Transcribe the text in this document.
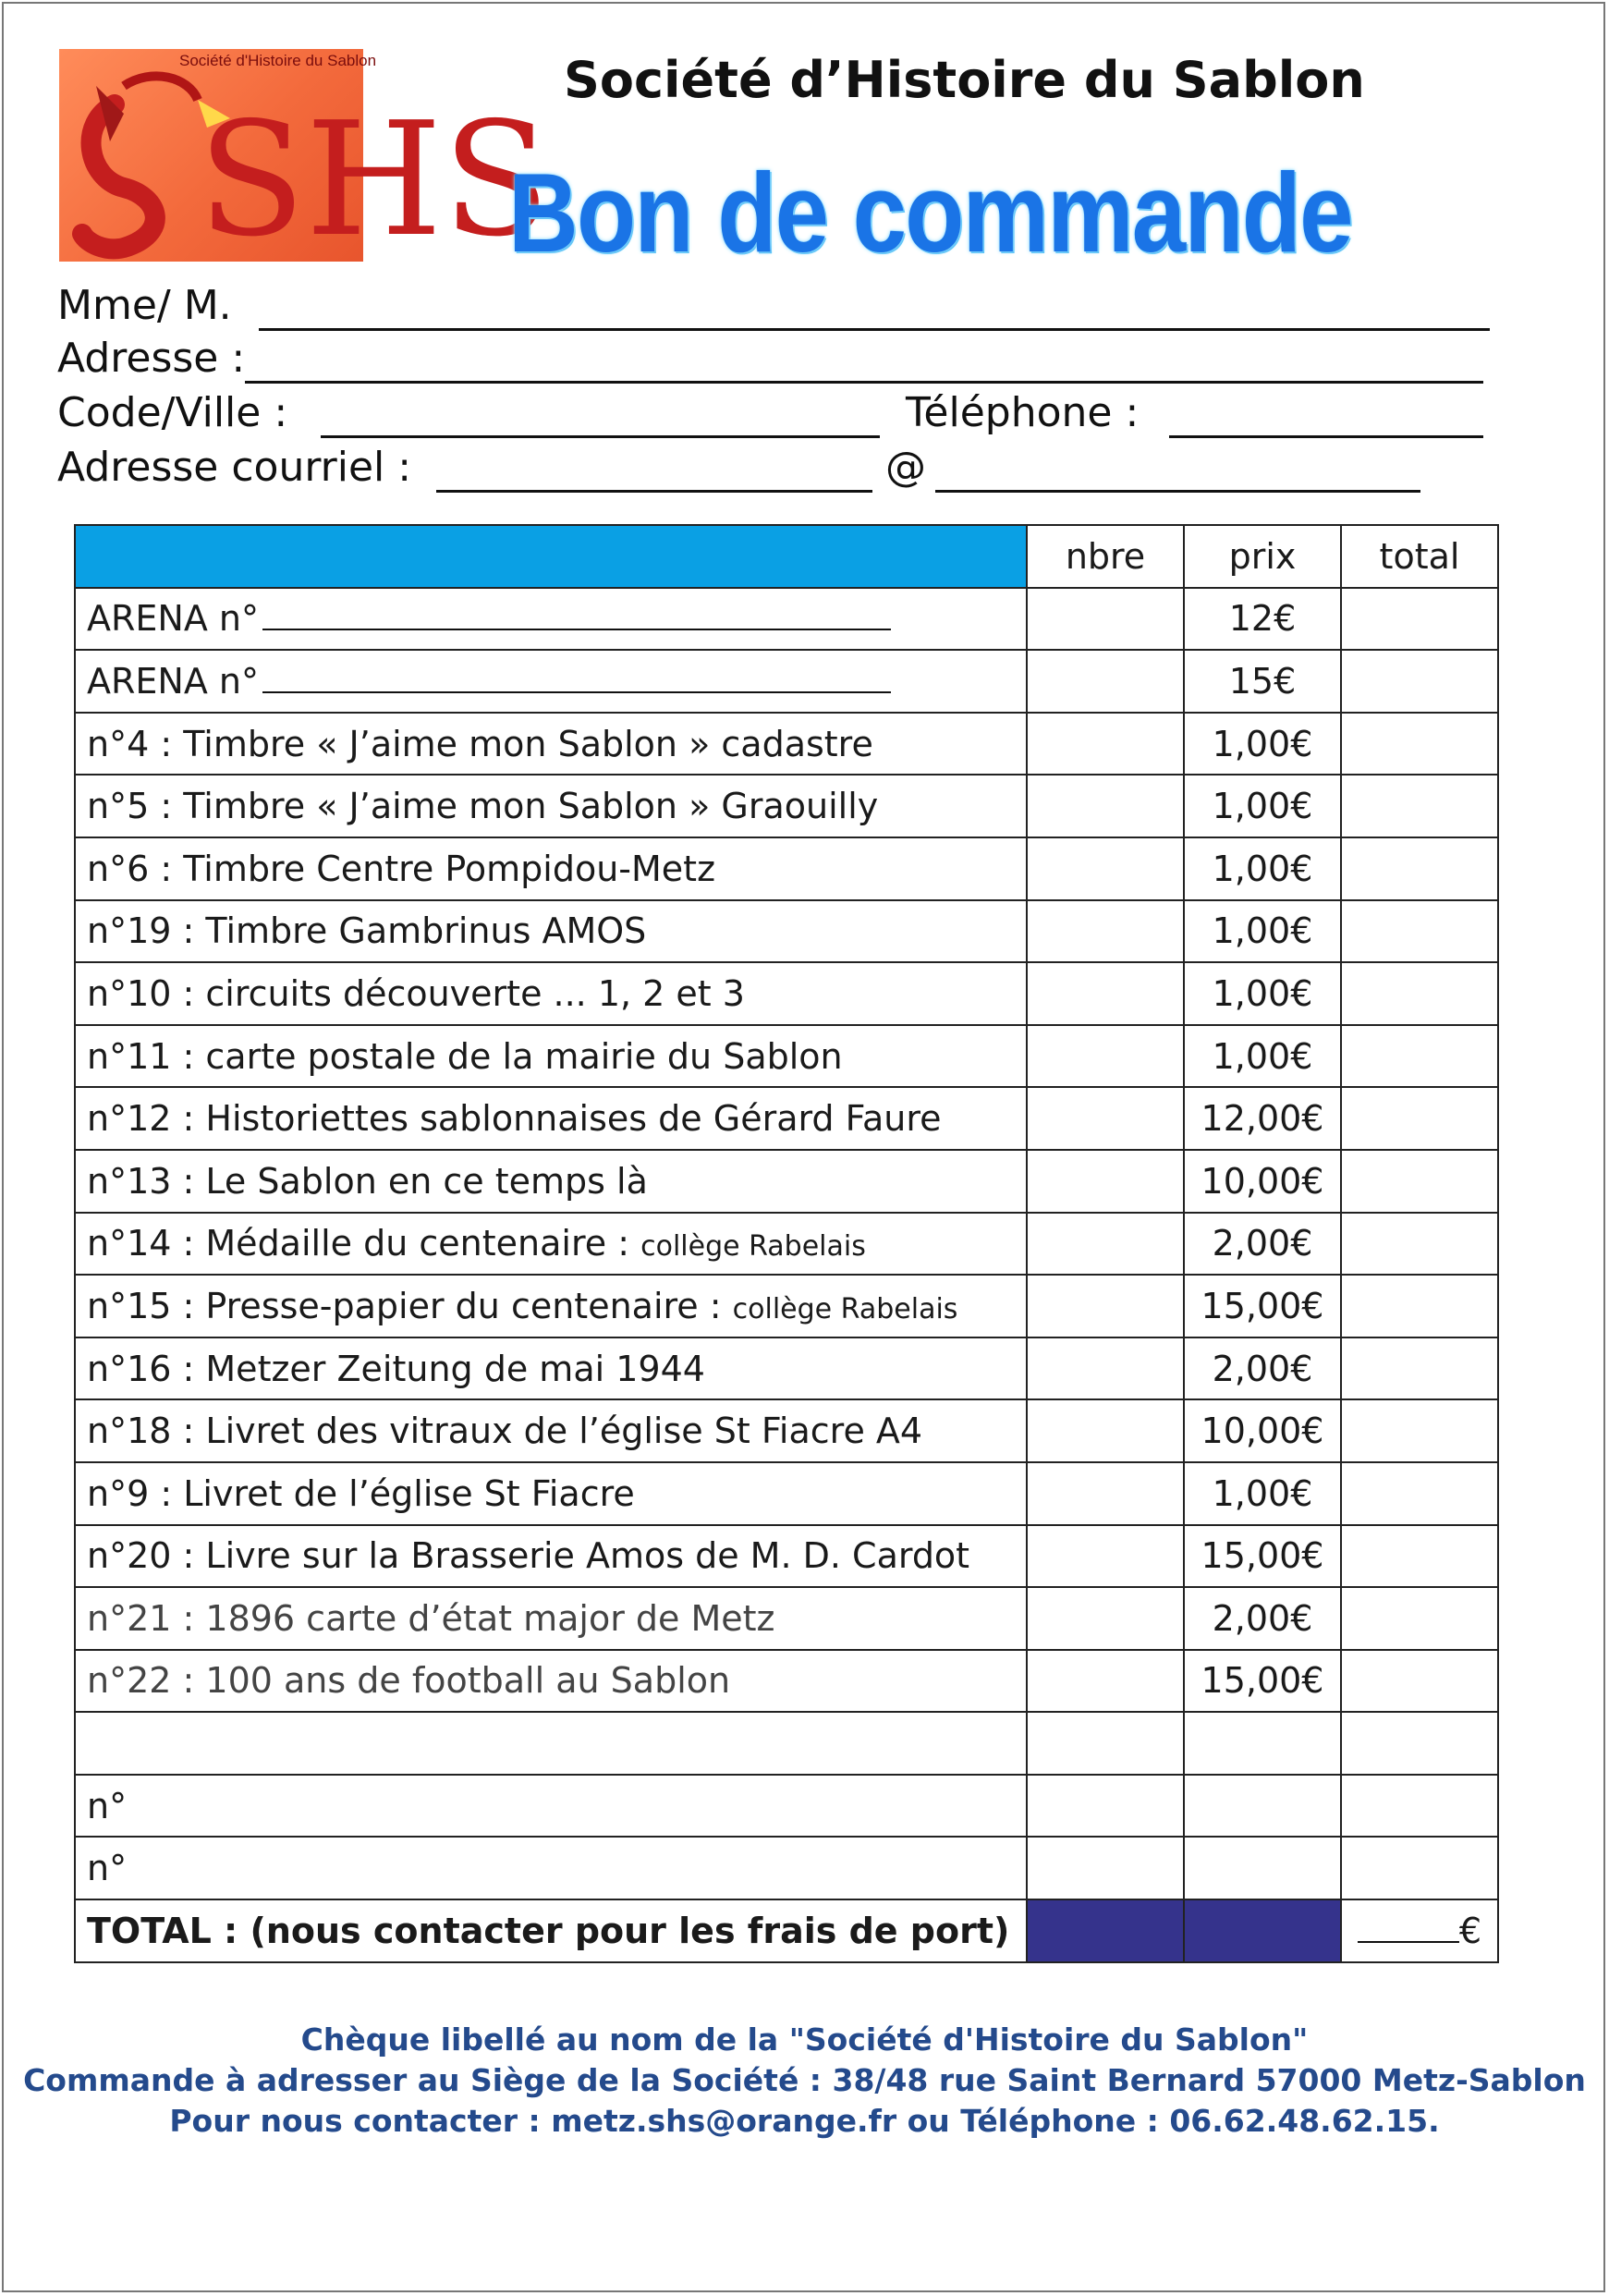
SHS
Société d'Histoire du Sablon	Société d’Histoire du Sablon
Bon de commande
Mme/ M.
Adresse :
Code/Ville :	Téléphone :
Adresse courriel :	@
	nbre	prix	total

ARENA n°		12€	

ARENA n°		15€	

n°4 : Timbre « J’aime mon Sablon » cadastre		1,00€	

n°5 : Timbre « J’aime mon Sablon » Graouilly		1,00€	

n°6 : Timbre Centre Pompidou-Metz		1,00€	

n°19 : Timbre Gambrinus AMOS		1,00€	

n°10 : circuits découverte ... 1, 2 et 3		1,00€	

n°11 : carte postale de la mairie du Sablon		1,00€	

n°12 : Historiettes sablonnaises de Gérard Faure		12,00€	

n°13 : Le Sablon en ce temps là		10,00€	

n°14 : Médaille du centenaire : collège Rabelais		2,00€	

n°15 : Presse-papier du centenaire : collège Rabelais		15,00€	

n°16 : Metzer Zeitung de mai 1944		2,00€	

n°18 : Livret des vitraux de l’église St Fiacre A4		10,00€	

n°9 : Livret de l’église St Fiacre		1,00€	

n°20 : Livre sur la Brasserie Amos de M. D. Cardot		15,00€	

n°21 : 1896 carte d’état major de Metz		2,00€	

n°22 : 100 ans de football au Sablon		15,00€	

n°			

n°			

TOTAL : (nous contacter pour les frais de port)			€
Chèque libellé au nom de la "Société d'Histoire du Sablon"
Commande à adresser au Siège de la Société : 38/48 rue Saint Bernard 57000 Metz-Sablon
Pour nous contacter : metz.shs@orange.fr ou Téléphone : 06.62.48.62.15.
